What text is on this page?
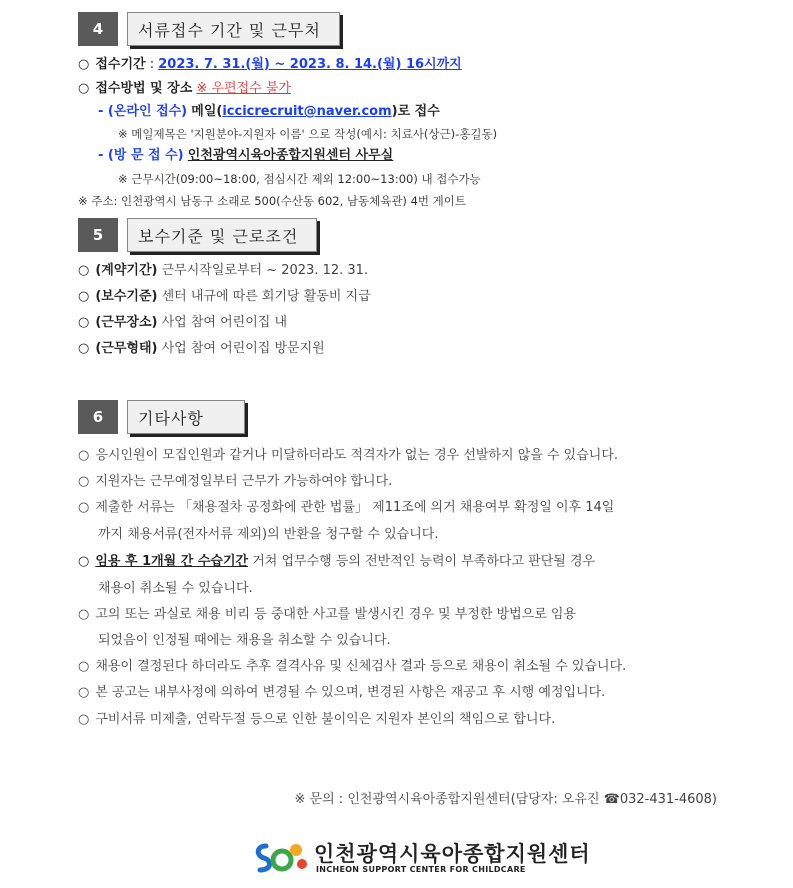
4	서류접수 기간 및 근무처
○ 접수기간 : 2023. 7. 31.(월) ~ 2023. 8. 14.(월) 16시까지
○ 접수방법 및 장소 ※ 우편접수 불가
- (온라인 접수) 메일(iccicrecruit@naver.com)로 접수
※ 메일제목은 '지원분야-지원자 이름' 으로 작성(예시: 치료사(상근)-홍길동)
- (방 문 접 수) 인천광역시육아종합지원센터 사무실
※ 근무시간(09:00~18:00, 점심시간 제외 12:00~13:00) 내 접수가능
※ 주소: 인천광역시 남동구 소래로 500(수산동 602, 남동체육관) 4번 게이트
5	보수기준 및 근로조건
○ (계약기간) 근무시작일로부터 ~ 2023. 12. 31.
○ (보수기준) 센터 내규에 따른 회기당 활동비 지급
○ (근무장소) 사업 참여 어린이집 내
○ (근무형태) 사업 참여 어린이집 방문지원
6	기타사항
○ 응시인원이 모집인원과 같거나 미달하더라도 적격자가 없는 경우 선발하지 않을 수 있습니다.
○ 지원자는 근무예정일부터 근무가 가능하여야 합니다.
○ 제출한 서류는 「채용절차 공정화에 관한 법률」 제11조에 의거 채용여부 확정일 이후 14일
까지 채용서류(전자서류 제외)의 반환을 청구할 수 있습니다.
○ 임용 후 1개월 간 수습기간 거쳐 업무수행 등의 전반적인 능력이 부족하다고 판단될 경우
채용이 취소될 수 있습니다.
○ 고의 또는 과실로 채용 비리 등 중대한 사고를 발생시킨 경우 및 부정한 방법으로 임용
되었음이 인정될 때에는 채용을 취소할 수 있습니다.
○ 채용이 결정된다 하더라도 추후 결격사유 및 신체검사 결과 등으로 채용이 취소될 수 있습니다.
○ 본 공고는 내부사정에 의하여 변경될 수 있으며, 변경된 사항은 재공고 후 시행 예정입니다.
○ 구비서류 미제출, 연락두절 등으로 인한 불이익은 지원자 본인의 책임으로 합니다.
※ 문의 : 인천광역시육아종합지원센터(담당자: 오유진 ☎032-431-4608)
인천광역시육아종합지원센터
INCHEON SUPPORT CENTER FOR CHILDCARE
